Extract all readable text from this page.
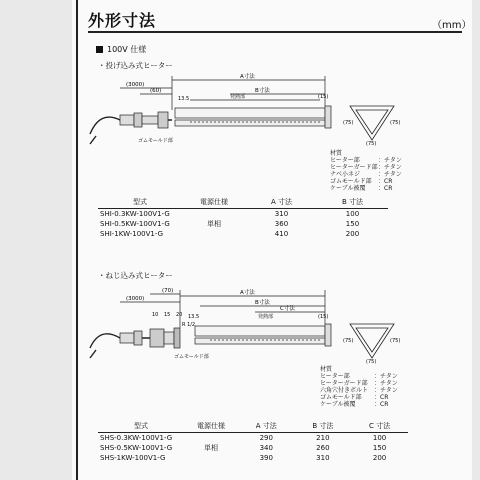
外形寸法	（mm）
100V 仕様
・投げ込み式ヒーター
(3000)
(60)
A寸法
B寸法
発熱部
13.5	(15)
ゴムモールド部
(75)	(75)
(75)
材質
ヒーター部	：チタン
ヒーターガード部 ：チタン
ナベ小ネジ	：チタン
ゴムモールド部	：CR
ケーブル被覆	：CR
型式	電源仕様	A 寸法	B 寸法
SHI-0.3KW-100V1-G	単相	310	100
SHI-0.5KW-100V1-G		360	150
SHI-1KW-100V1-G		410	200
・ねじ込み式ヒーター
(3000)
(70)	A寸法
B寸法
C寸法
発熱部
13.5	(15)
10 15 20
R 1/2
ゴムモールド部
(75)	(75)
(75)
材質
ヒーター部	：チタン
ヒーターガード部	：チタン
六角穴付きボルト ：チタン
ゴムモールド部	：CR
ケーブル被覆	：CR
型式	電源仕様	A 寸法	B 寸法	C 寸法
SHS-0.3KW-100V1-G	単相	290	210	100
SHS-0.5KW-100V1-G		340	260	150
SHS-1KW-100V1-G		390	310	200
